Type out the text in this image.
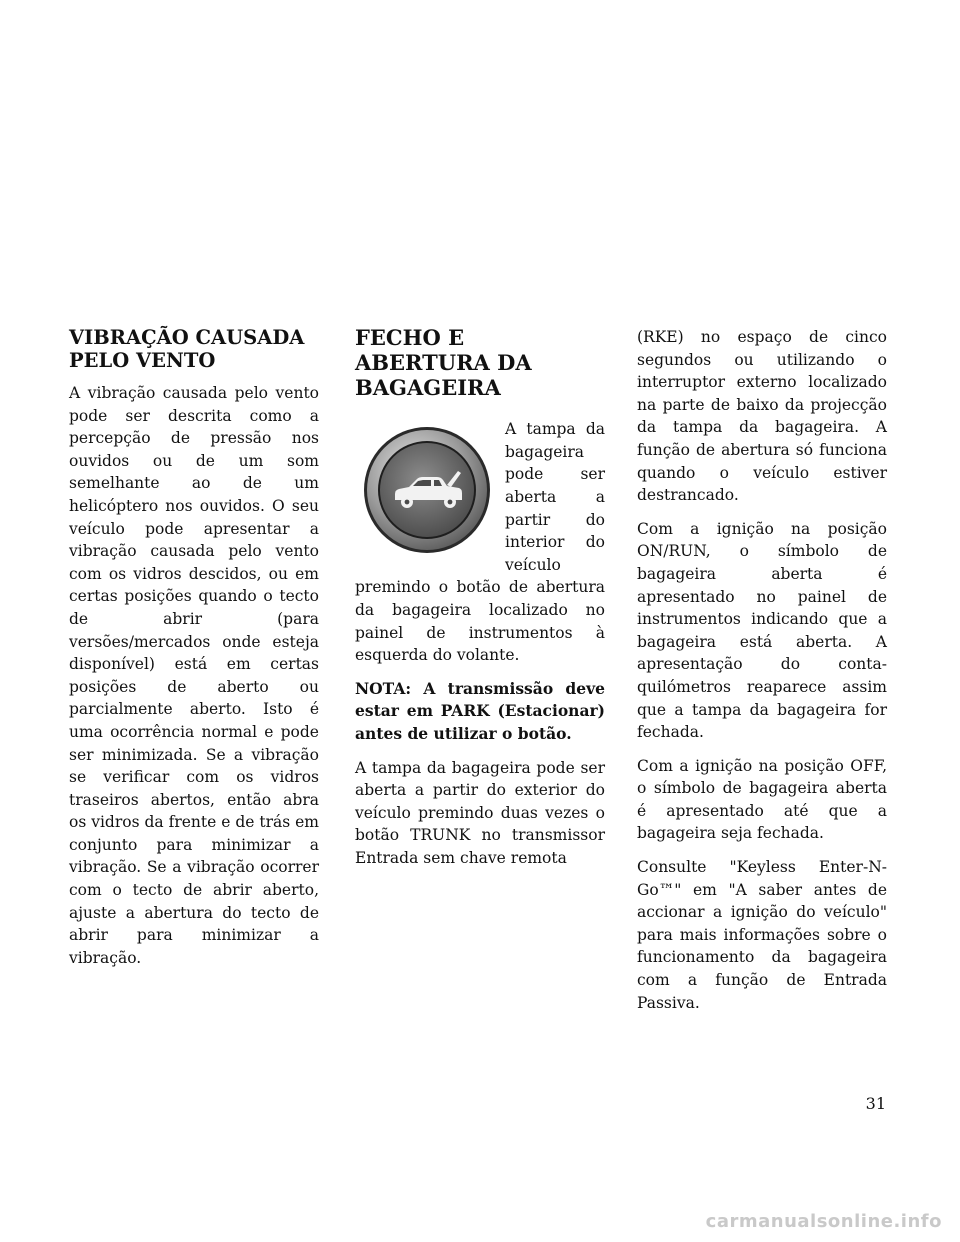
VIBRAÇÃO CAUSADA PELO VENTO

A vibração causada pelo vento pode ser descrita como a percepção de pressão nos ouvidos ou de um som semelhante ao de um helicóptero nos ouvidos. O seu veículo pode apresentar a vibração causada pelo vento com os vidros descidos, ou em certas posições quando o tecto de abrir (para versões/mercados onde esteja disponível) está em certas posições de aberto ou parcialmente aberto. Isto é uma ocorrência normal e pode ser minimizada. Se a vibração se verificar com os vidros traseiros abertos, então abra os vidros da frente e de trás em conjunto para minimizar a vibração. Se a vibração ocorrer com o tecto de abrir aberto, ajuste a abertura do tecto de abrir para minimizar a vibração.

FECHO E ABERTURA DA BAGAGEIRA

A tampa da bagageira pode ser aberta a partir do interior do veículo premindo o botão de abertura da bagageira localizado no painel de instrumentos à esquerda do volante.

NOTA: A transmissão deve estar em PARK (Estacionar) antes de utilizar o botão.

A tampa da bagageira pode ser aberta a partir do exterior do veículo premindo duas vezes o botão TRUNK no transmissor Entrada sem chave remota

(RKE) no espaço de cinco segundos ou utilizando o interruptor externo localizado na parte de baixo da projecção da tampa da bagageira. A função de abertura só funciona quando o veículo estiver destrancado.

Com a ignição na posição ON/RUN, o símbolo de bagageira aberta é apresentado no painel de instrumentos indicando que a bagageira está aberta. A apresentação do conta-quilómetros reaparece assim que a tampa da bagageira for fechada.

Com a ignição na posição OFF, o símbolo de bagageira aberta é apresentado até que a bagageira seja fechada.

Consulte "Keyless Enter-N-Go™" em "A saber antes de accionar a ignição do veículo" para mais informações sobre o funcionamento da bagageira com a função de Entrada Passiva.

31
carmanualsonline.info
